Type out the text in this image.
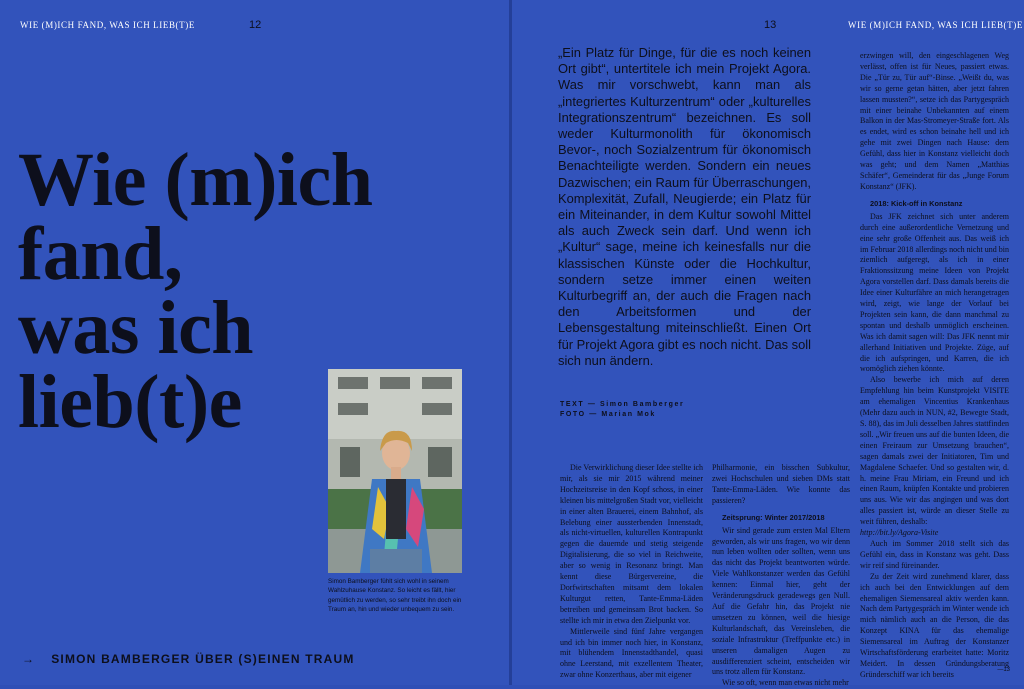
WIE (M)ICH FAND, WAS ICH LIEB(T)E	12
Wie (m)ich
fand,
was ich
lieb(t)e
Simon Bamberger fühlt sich wohl in seinem Wahlzuhause Konstanz. So leicht es fällt, hier gemütlich zu werden, so sehr treibt ihn doch ein Traum an, hin und wieder unbequem zu sein.
→ SIMON BAMBERGER ÜBER (S)EINEN TRAUM
13	WIE (M)ICH FAND, WAS ICH LIEB(T)E

„Ein Platz für Dinge, für die es noch keinen Ort gibt“, untertitele ich mein Projekt Agora. Was mir vorschwebt, kann man als „integriertes Kulturzentrum“ oder „kulturelles Integrationszentrum“ bezeichnen. Es soll weder Kulturmonolith für ökonomisch Bevor-, noch Sozialzentrum für ökonomisch Benachteiligte werden. Sondern ein neues Dazwischen; ein Raum für Überraschungen, Komplexität, Zufall, Neugierde; ein Platz für ein Miteinander, in dem Kultur sowohl Mittel als auch Zweck sein darf. Und wenn ich „Kultur“ sage, meine ich keinesfalls nur die klassischen Künste oder die Hochkultur, sondern setze immer einen weiten Kulturbegriff an, der auch die Fragen nach den Arbeitsformen und der Lebensgestaltung miteinschließt. Einen Ort für Projekt Agora gibt es noch nicht. Das soll sich nun ändern.

TEXT — Simon Bamberger
FOTO — Marian Mok

Die Verwirklichung dieser Idee stellte ich mir, als sie mir 2015 während meiner Hochzeitsreise in den Kopf schoss, in einer kleinen bis mittelgroßen Stadt vor, vielleicht in einer alten Brauerei, einem Bahnhof, als Belebung einer aussterbenden Innenstadt, als nicht-virtuellen, kulturellen Kontrapunkt gegen die dauernde und stetig steigende Digitalisierung, die so viel in Reichweite, aber so wenig in Resonanz bringt. Man kennt diese Bürgervereine, die Dorfwirtschaften mitsamt dem lokalen Kulturgut retten, Tante-Emma-Läden betreiben und gemeinsam Brot backen. So stellte ich mir in etwa den Zielpunkt vor.

Mittlerweile sind fünf Jahre vergangen und ich bin immer noch hier, in Konstanz, mit blühendem Innenstadthandel, quasi ohne Leerstand, mit exzellentem Theater, zwar ohne Konzerthaus, aber mit eigener

Philharmonie, ein bisschen Subkultur, zwei Hochschulen und sieben DMs statt Tante-Emma-Läden. Wie konnte das passieren?

Zeitsprung: Winter 2017/2018

Wir sind gerade zum ersten Mal Eltern geworden, als wir uns fragen, wo wir denn nun leben wollten oder sollten, wenn uns das nicht das Projekt beantworten würde. Viele Wahlkonstanzer werden das Gefühl kennen: Einmal hier, geht der Veränderungsdruck geradewegs gen Null. Auf die Gefahr hin, das Projekt nie umsetzen zu können, weil die hiesige Kulturlandschaft, das Vereinsleben, die soziale Infrastruktur (Treffpunkte etc.) in unseren damaligen Augen zu ausdifferenziert scheint, entscheiden wir uns trotz allem für Konstanz.

Wie so oft, wenn man etwas nicht mehr

erzwingen will, den eingeschlagenen Weg verlässt, offen ist für Neues, passiert etwas. Die „Tür zu, Tür auf“-Binse. „Weißt du, was wir so gerne getan hätten, aber jetzt fahren lassen mussten?“, setze ich das Partygespräch mit einer beinahe Unbekannten auf einem Balkon in der Mas-Stromeyer-Straße fort. Als es endet, wird es schon beinahe hell und ich gehe mit zwei Dingen nach Hause: dem Gefühl, dass hier in Konstanz vielleicht doch was geht; und dem Namen „Matthias Schäfer“, Gemeinderat für das „Junge Forum Konstanz“ (JFK).

2018: Kick-off in Konstanz

Das JFK zeichnet sich unter anderem durch eine außerordentliche Vernetzung und eine sehr große Offenheit aus. Das weiß ich im Februar 2018 allerdings noch nicht und bin ziemlich aufgeregt, als ich in einer Fraktionssitzung meine Ideen von Projekt Agora vorstellen darf. Dass damals bereits die Idee einer Kulturfähre an mich herangetragen wird, zeigt, wie lange der Vorlauf bei Projekten sein kann, die dann manchmal zu spontan und deshalb unmöglich erscheinen. Was ich damit sagen will: Das JFK nennt mir allerhand Initiativen und Projekte. Züge, auf die ich aufspringen, und Karren, die ich womöglich ziehen könnte.

Also bewerbe ich mich auf deren Empfehlung hin beim Kunstprojekt VISITE am ehemaligen Vincentius Krankenhaus (Mehr dazu auch in NUN, #2, Bewegte Stadt, S. 88), das im Juli desselben Jahres stattfinden soll. „Wir freuen uns auf die bunten Ideen, die einen Freiraum zur Umsetzung brauchen“, sagen damals zwei der Initiatoren, Tim und Magdalene Schaefer. Und so gestalten wir, d. h. meine Frau Miriam, ein Freund und ich einen Raum, knüpfen Kontakte und probieren uns aus. Wie wir das angingen und was dort alles passiert ist, würde an dieser Stelle zu weit führen, deshalb:

http://bit.ly/Agora-Visite

Auch im Sommer 2018 stellt sich das Gefühl ein, dass in Konstanz was geht. Dass wir reif sind füreinander.

Zu der Zeit wird zunehmend klarer, dass ich auch bei den Entwicklungen auf dem ehemaligen Siemensareal aktiv werden kann. Nach dem Partygespräch im Winter wende ich mich nämlich auch an die Person, die das Konzept KINA für das ehemalige Siemensareal im Auftrag der Konstanzer Wirtschaftsförderung erarbeitet hatte: Moritz Meidert. In dessen Gründungsberatung Gründerschiff war ich bereits	—13
